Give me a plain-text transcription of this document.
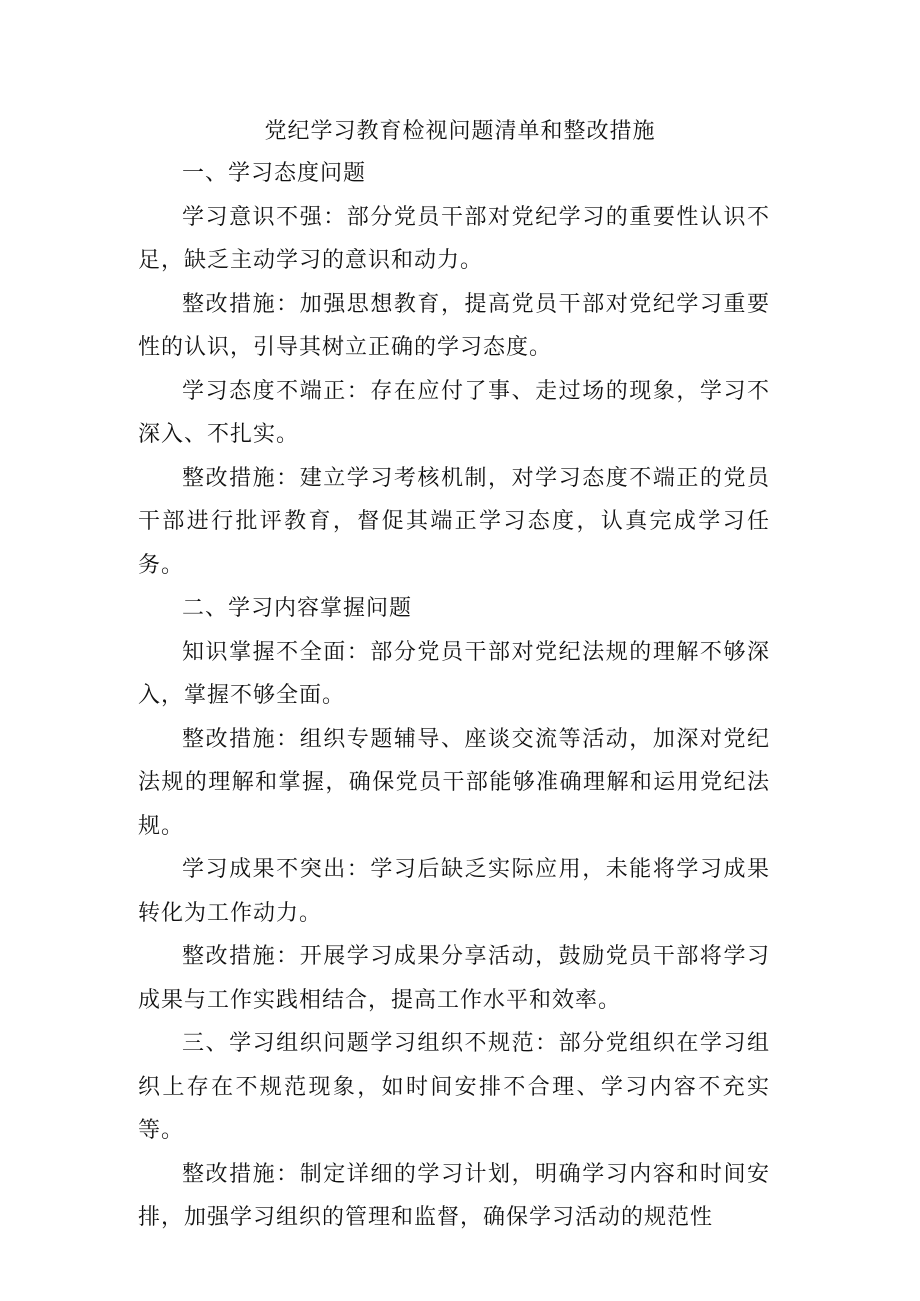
党纪学习教育检视问题清单和整改措施

一、学习态度问题

学习意识不强：部分党员干部对党纪学习的重要性认识不足，缺乏主动学习的意识和动力。

整改措施：加强思想教育，提高党员干部对党纪学习重要性的认识，引导其树立正确的学习态度。

学习态度不端正：存在应付了事、走过场的现象，学习不深入、不扎实。

整改措施：建立学习考核机制，对学习态度不端正的党员干部进行批评教育，督促其端正学习态度，认真完成学习任务。

二、学习内容掌握问题

知识掌握不全面：部分党员干部对党纪法规的理解不够深入，掌握不够全面。

整改措施：组织专题辅导、座谈交流等活动，加深对党纪法规的理解和掌握，确保党员干部能够准确理解和运用党纪法规。

学习成果不突出：学习后缺乏实际应用，未能将学习成果转化为工作动力。

整改措施：开展学习成果分享活动，鼓励党员干部将学习成果与工作实践相结合，提高工作水平和效率。

三、学习组织问题学习组织不规范：部分党组织在学习组织上存在不规范现象，如时间安排不合理、学习内容不充实等。

整改措施：制定详细的学习计划，明确学习内容和时间安排，加强学习组织的管理和监督，确保学习活动的规范性
